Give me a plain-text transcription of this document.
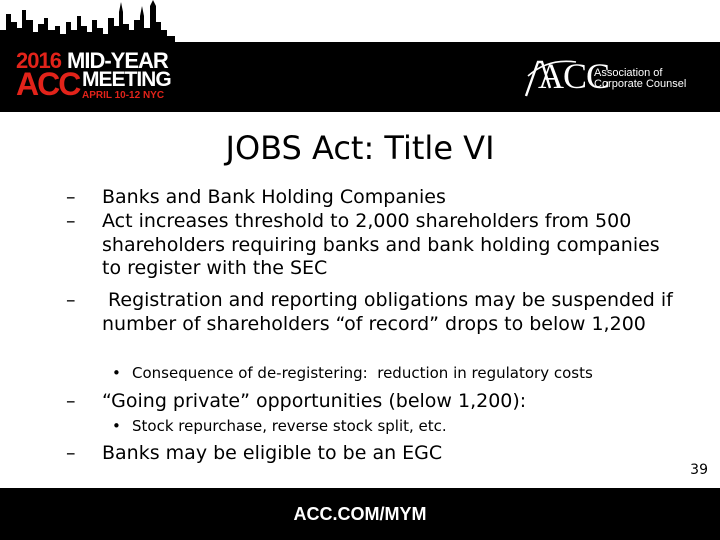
2016 MID-YEAR
ACC MEETING
APRIL 10-12 NYC	ACC
Association of Corporate Counsel
JOBS Act: Title VI
– Banks and Bank Holding Companies
– Act increases threshold to 2,000 shareholders from 500 shareholders requiring banks and bank holding companies to register with the SEC
– Registration and reporting obligations may be suspended if number of shareholders “of record” drops to below 1,200
• Consequence of de-registering:  reduction in regulatory costs
– “Going private” opportunities (below 1,200):
• Stock repurchase, reverse stock split, etc.
– Banks may be eligible to be an EGC
39
ACC.COM/MYM
